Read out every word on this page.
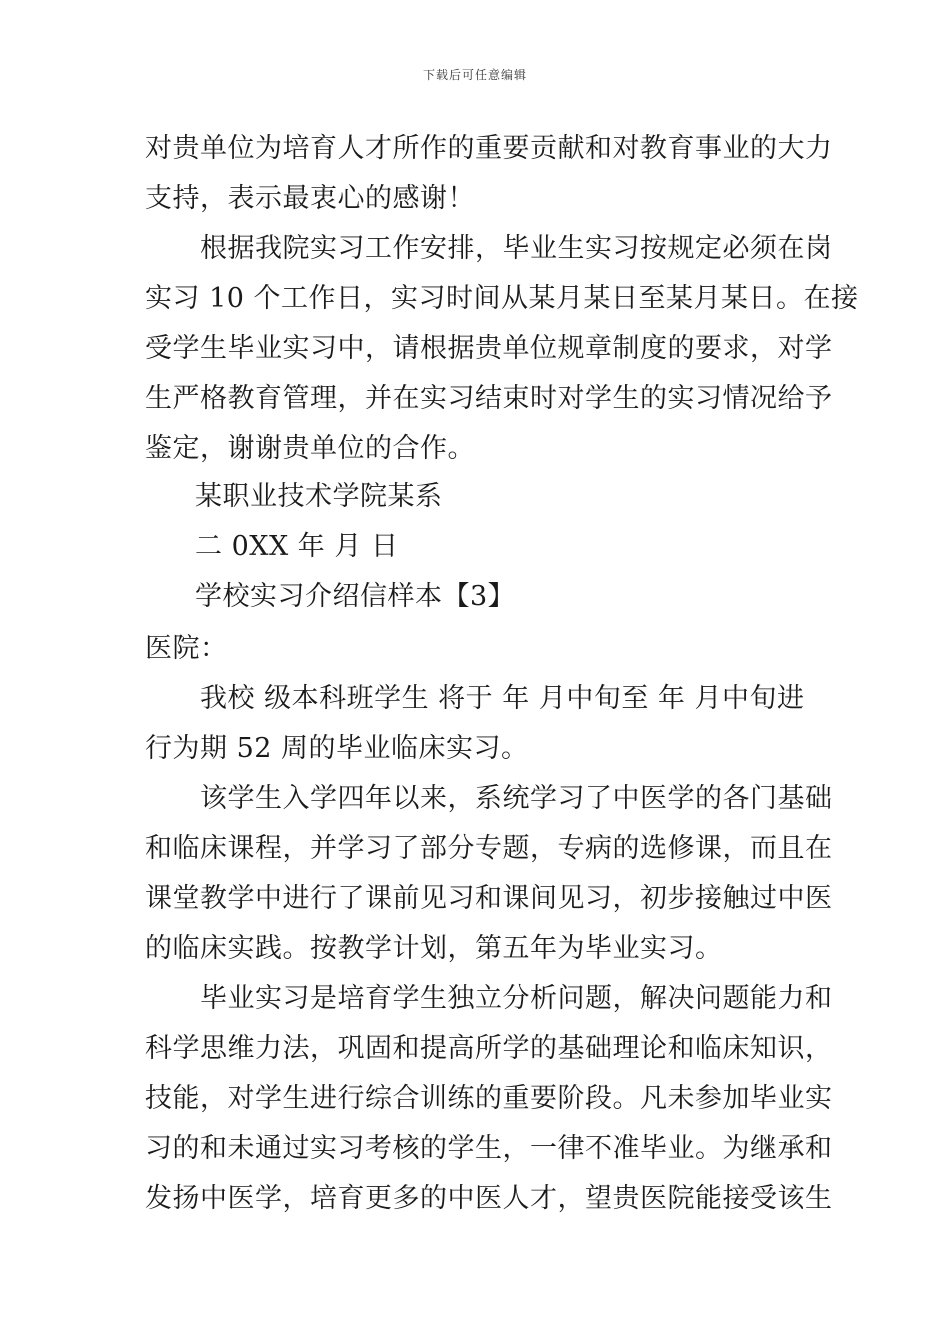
下载后可任意编辑
对贵单位为培育人才所作的重要贡献和对教育事业的大力
支持，表示最衷心的感谢！
根据我院实习工作安排，毕业生实习按规定必须在岗
实习 10 个工作日，实习时间从某月某日至某月某日。在接
受学生毕业实习中，请根据贵单位规章制度的要求，对学
生严格教育管理，并在实习结束时对学生的实习情况给予
鉴定，谢谢贵单位的合作。
某职业技术学院某系
二 0XX 年 月 日
学校实习介绍信样本【3】
医院：
我校 级本科班学生 将于 年 月中旬至 年 月中旬进
行为期 52 周的毕业临床实习。
该学生入学四年以来，系统学习了中医学的各门基础
和临床课程，并学习了部分专题，专病的选修课，而且在
课堂教学中进行了课前见习和课间见习，初步接触过中医
的临床实践。按教学计划，第五年为毕业实习。
毕业实习是培育学生独立分析问题，解决问题能力和
科学思维力法，巩固和提高所学的基础理论和临床知识，
技能，对学生进行综合训练的重要阶段。凡未参加毕业实
习的和未通过实习考核的学生，一律不准毕业。为继承和
发扬中医学，培育更多的中医人才，望贵医院能接受该生
